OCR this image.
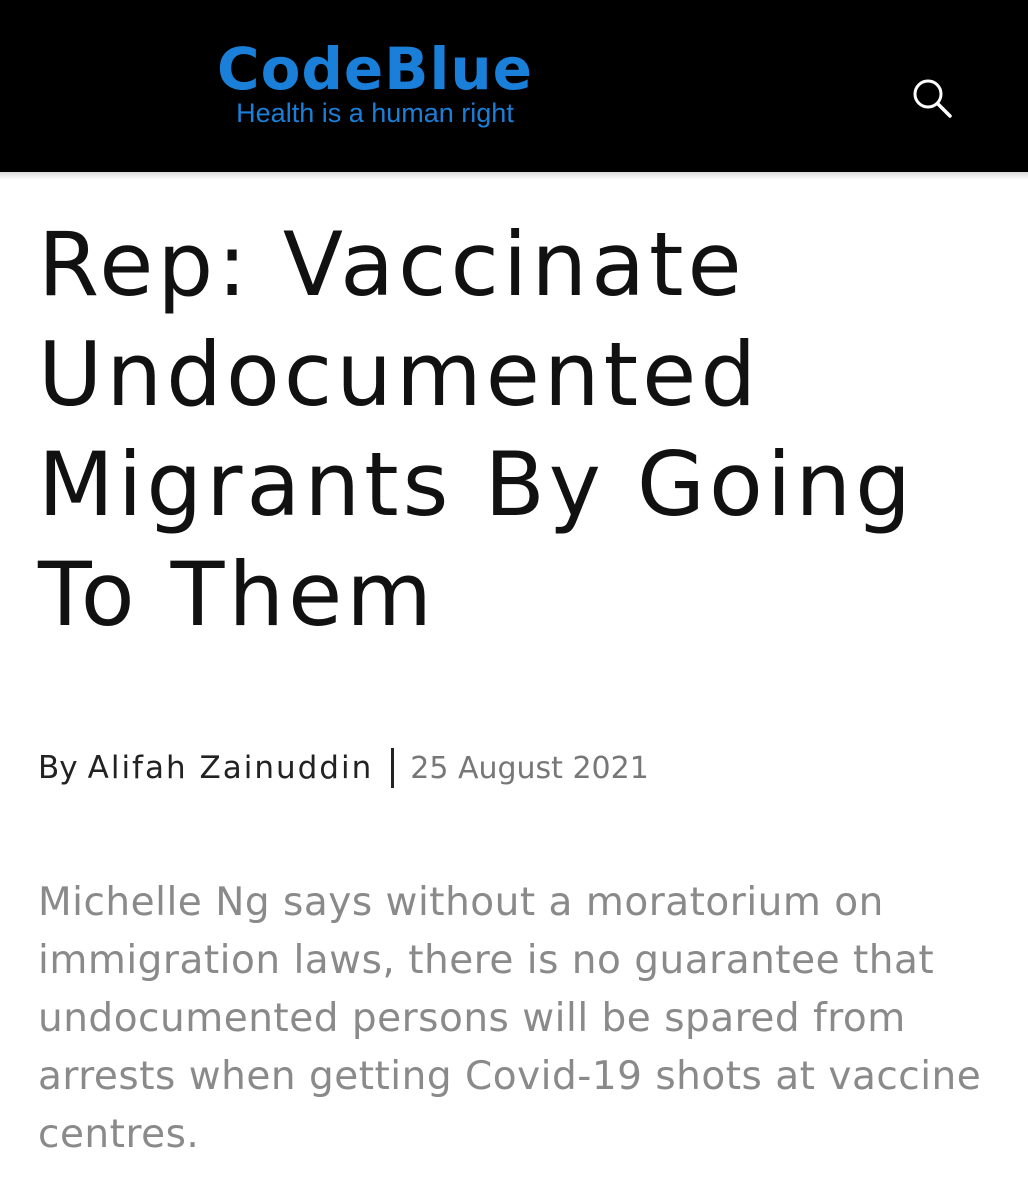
CodeBlue
Health is a human right
Rep: Vaccinate Undocumented Migrants By Going To Them
By Alifah Zainuddin 25 August 2021

Michelle Ng says without a moratorium on immigration laws, there is no guarantee that undocumented persons will be spared from arrests when getting Covid-19 shots at vaccine centres.
